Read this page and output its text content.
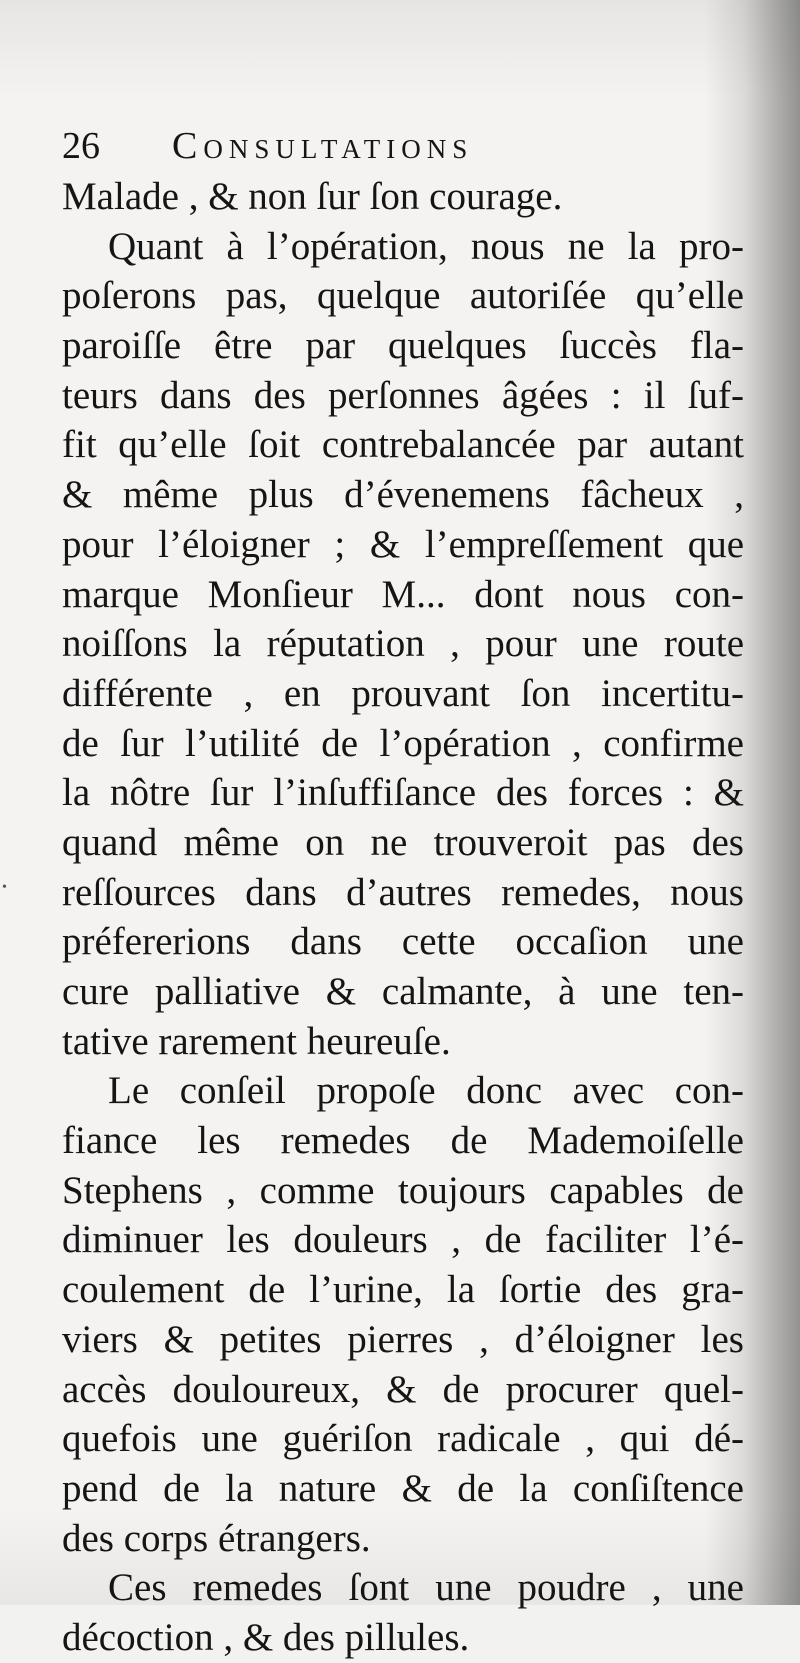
26 Consultations
Malade , & non ſur ſon courage.
Quant à l’opération, nous ne la pro-
poſerons pas, quelque autoriſée qu’elle
paroiſſe être par quelques ſuccès fla-
teurs dans des perſonnes âgées : il ſuf-
fit qu’elle ſoit contrebalancée par autant
& même plus d’évenemens fâcheux ,
pour l’éloigner ; & l’empreſſement que
marque Monſieur M... dont nous con-
noiſſons la réputation , pour une route
différente , en prouvant ſon incertitu-
de ſur l’utilité de l’opération , confirme
la nôtre ſur l’inſuffiſance des forces : &
quand même on ne trouveroit pas des
reſſources dans d’autres remedes, nous
préfererions dans cette occaſion une
cure palliative & calmante, à une ten-
tative rarement heureuſe.
Le conſeil propoſe donc avec con-
fiance les remedes de Mademoiſelle
Stephens , comme toujours capables de
diminuer les douleurs , de faciliter l’é-
coulement de l’urine, la ſortie des gra-
viers & petites pierres , d’éloigner les
accès douloureux, & de procurer quel-
quefois une guériſon radicale , qui dé-
pend de la nature & de la conſiſtence
des corps étrangers.
Ces remedes ſont une poudre , une
décoction , & des pillules.
•
